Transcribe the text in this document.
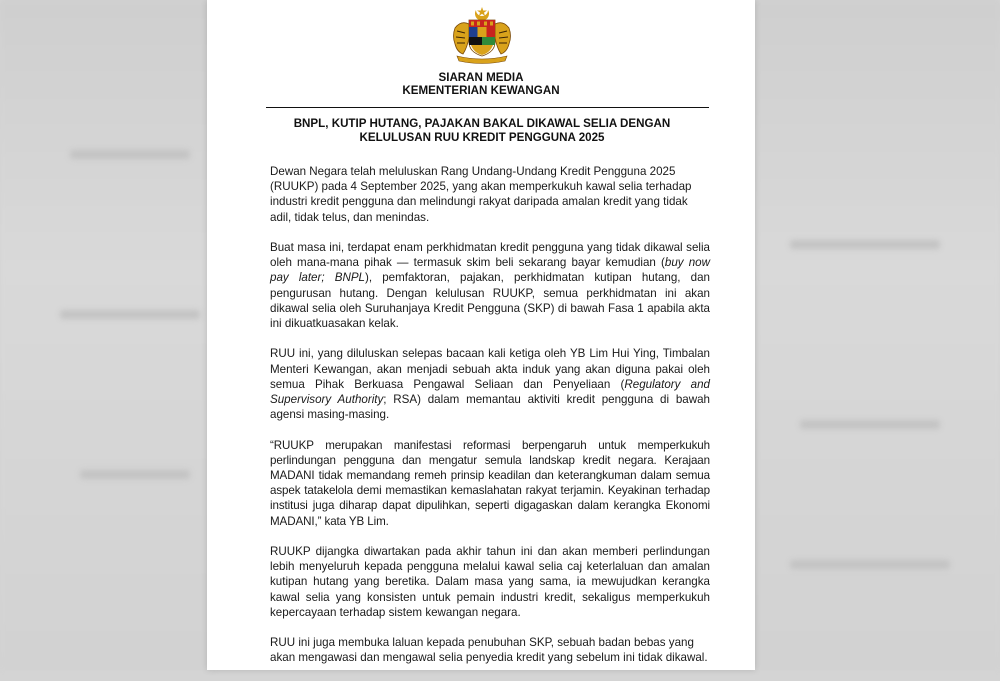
SIARAN MEDIA
KEMENTERIAN KEWANGAN
BNPL, KUTIP HUTANG, PAJAKAN BAKAL DIKAWAL SELIA DENGAN
KELULUSAN RUU KREDIT PENGGUNA 2025

Dewan Negara telah meluluskan Rang Undang-Undang Kredit Pengguna 2025 (RUUKP) pada 4 September 2025, yang akan memperkukuh kawal selia terhadap industri kredit pengguna dan melindungi rakyat daripada amalan kredit yang tidak adil, tidak telus, dan menindas.

Buat masa ini, terdapat enam perkhidmatan kredit pengguna yang tidak dikawal selia oleh mana-mana pihak — termasuk skim beli sekarang bayar kemudian (buy now pay later; BNPL), pemfaktoran, pajakan, perkhidmatan kutipan hutang, dan pengurusan hutang. Dengan kelulusan RUUKP, semua perkhidmatan ini akan dikawal selia oleh Suruhanjaya Kredit Pengguna (SKP) di bawah Fasa 1 apabila akta ini dikuatkuasakan kelak.

RUU ini, yang diluluskan selepas bacaan kali ketiga oleh YB Lim Hui Ying, Timbalan Menteri Kewangan, akan menjadi sebuah akta induk yang akan diguna pakai oleh semua Pihak Berkuasa Pengawal Seliaan dan Penyeliaan (Regulatory and Supervisory Authority; RSA) dalam memantau aktiviti kredit pengguna di bawah agensi masing-masing.

“RUUKP merupakan manifestasi reformasi berpengaruh untuk memperkukuh perlindungan pengguna dan mengatur semula landskap kredit negara. Kerajaan MADANI tidak memandang remeh prinsip keadilan dan keterangkuman dalam semua aspek tatakelola demi memastikan kemaslahatan rakyat terjamin. Keyakinan terhadap institusi juga diharap dapat dipulihkan, seperti digagaskan dalam kerangka Ekonomi MADANI,” kata YB Lim.

RUUKP dijangka diwartakan pada akhir tahun ini dan akan memberi perlindungan lebih menyeluruh kepada pengguna melalui kawal selia caj keterlaluan dan amalan kutipan hutang yang beretika. Dalam masa yang sama, ia mewujudkan kerangka kawal selia yang konsisten untuk pemain industri kredit, sekaligus memperkukuh kepercayaan terhadap sistem kewangan negara.

RUU ini juga membuka laluan kepada penubuhan SKP, sebuah badan bebas yang akan mengawasi dan mengawal selia penyedia kredit yang sebelum ini tidak dikawal.
